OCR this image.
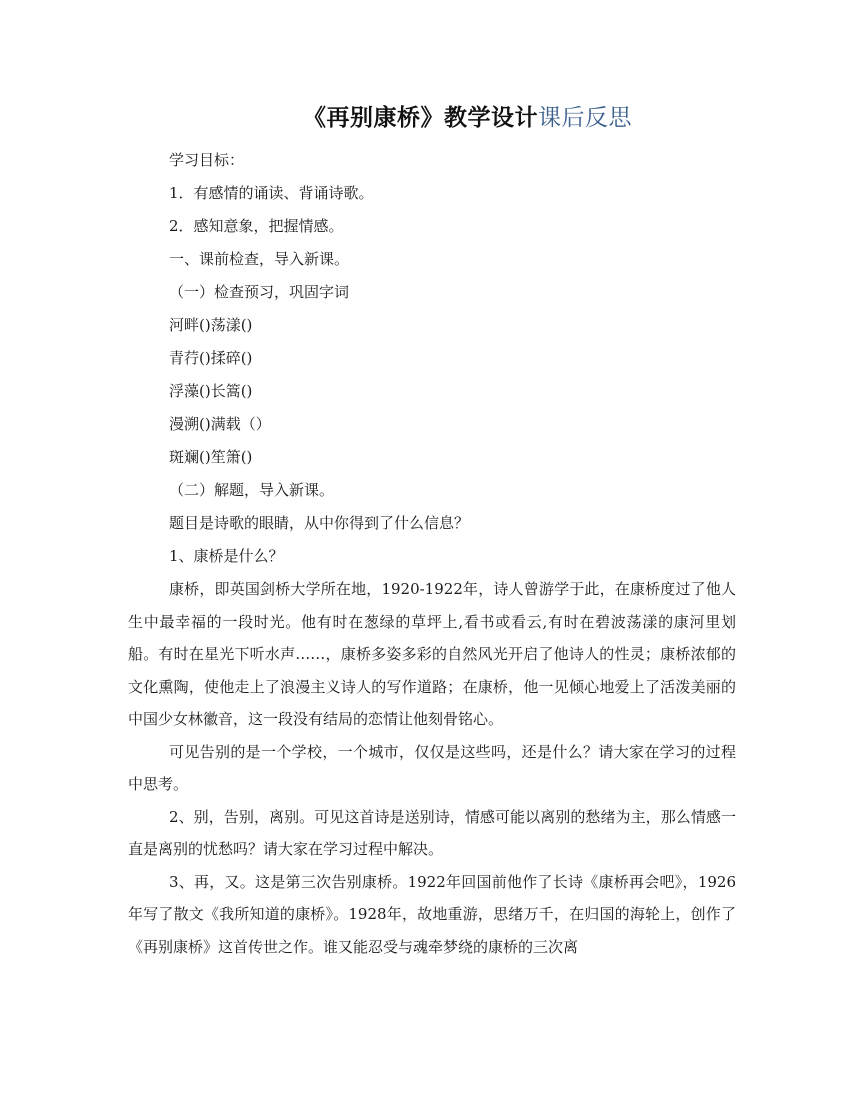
《再别康桥》教学设计课后反思

学习目标：

1．有感情的诵读、背诵诗歌。

2．感知意象，把握情感。

一、课前检查，导入新课。

（一）检查预习，巩固字词

河畔()荡漾()

青荇()揉碎()

浮藻()长篙()

漫溯()满载（）

斑斓()笙箫()

（二）解题，导入新课。

题目是诗歌的眼睛，从中你得到了什么信息？

1、康桥是什么？

康桥，即英国剑桥大学所在地，1920-1922年，诗人曾游学于此，在康桥度过了他人生中最幸福的一段时光。他有时在葱绿的草坪上,看书或看云,有时在碧波荡漾的康河里划船。有时在星光下听水声……，康桥多姿多彩的自然风光开启了他诗人的性灵；康桥浓郁的文化熏陶，使他走上了浪漫主义诗人的写作道路；在康桥，他一见倾心地爱上了活泼美丽的中国少女林徽音，这一段没有结局的恋情让他刻骨铭心。

可见告别的是一个学校，一个城市，仅仅是这些吗，还是什么？请大家在学习的过程中思考。

2、别，告别，离别。可见这首诗是送别诗，情感可能以离别的愁绪为主，那么情感一直是离别的忧愁吗？请大家在学习过程中解决。

3、再，又。这是第三次告别康桥。1922年回国前他作了长诗《康桥再会吧》，1926年写了散文《我所知道的康桥》。1928年，故地重游，思绪万千，在归国的海轮上，创作了《再别康桥》这首传世之作。谁又能忍受与魂牵梦绕的康桥的三次离
